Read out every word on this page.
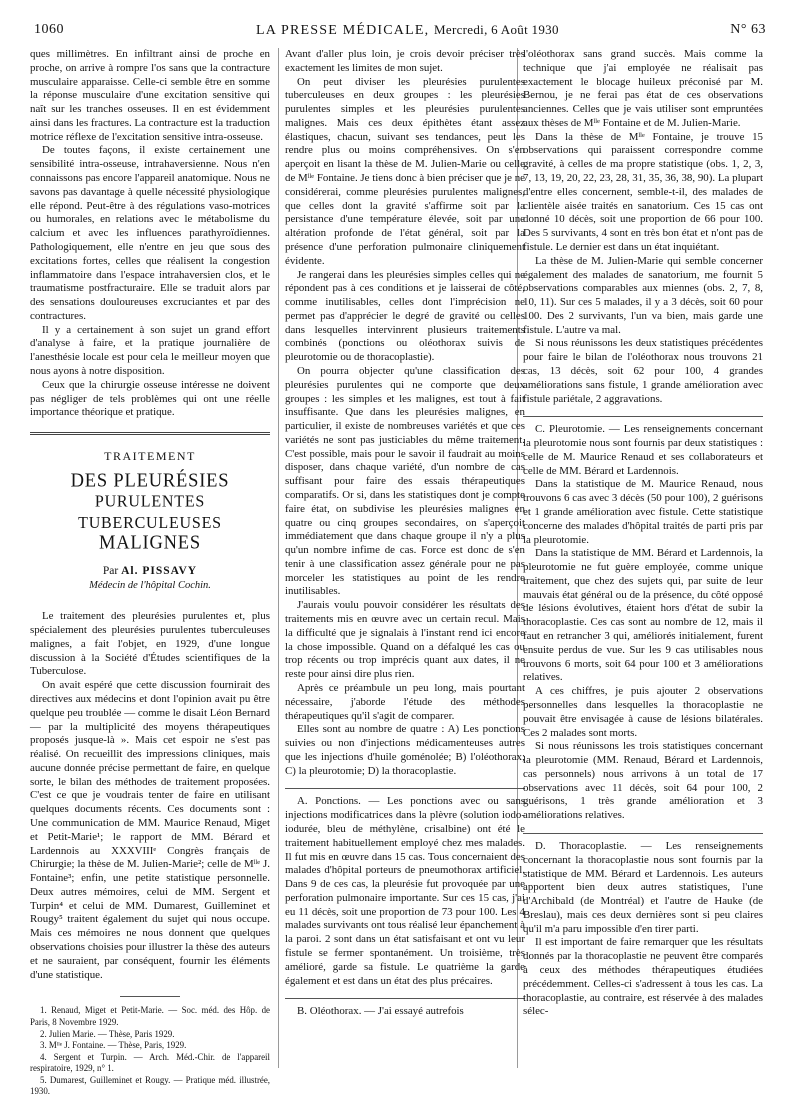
1060	LA PRESSE MÉDICALE, Mercredi, 6 Août 1930	N° 63

ques millimètres. En infiltrant ainsi de proche en proche, on arrive à rompre l'os sans que la contracture musculaire apparaisse. Celle-ci semble être en somme la réponse musculaire d'une excitation sensitive qui naît sur les tranches osseuses. Il en est évidemment ainsi dans les fractures. La contracture est la traduction motrice réflexe de l'excitation sensitive intra-osseuse.

De toutes façons, il existe certainement une sensibilité intra-osseuse, intrahaversienne. Nous n'en connaissons pas encore l'appareil anatomique. Nous ne savons pas davantage à quelle nécessité physiologique elle répond. Peut-être à des régulations vaso-motrices ou humorales, en relations avec le métabolisme du calcium et avec les influences parathyroïdiennes. Pathologiquement, elle n'entre en jeu que sous des excitations fortes, celles que réalisent la congestion inflammatoire dans l'espace intrahaversien clos, et le traumatisme postfracturaire. Elle se traduit alors par des sensations douloureuses excruciantes et par des contractures.

Il y a certainement à son sujet un grand effort d'analyse à faire, et la pratique journalière de l'anesthésie locale est pour cela le meilleur moyen que nous ayons à notre disposition.

Ceux que la chirurgie osseuse intéresse ne doivent pas négliger de tels problèmes qui ont une réelle importance théorique et pratique.

TRAITEMENT
DES PLEURÉSIES
PURULENTES TUBERCULEUSES
MALIGNES
Par Al. PISSAVY
Médecin de l'hôpital Cochin.

Le traitement des pleurésies purulentes et, plus spécialement des pleurésies purulentes tuberculeuses malignes, a fait l'objet, en 1929, d'une longue discussion à la Société d'Études scientifiques de la Tuberculose.

On avait espéré que cette discussion fournirait des directives aux médecins et dont l'opinion avait pu être quelque peu troublée — comme le disait Léon Bernard — par la multiplicité des moyens thérapeutiques proposés jusque-là ». Mais cet espoir ne s'est pas réalisé. On recueillit des impressions cliniques, mais aucune donnée précise permettant de faire, en quelque sorte, le bilan des méthodes de traitement proposées. C'est ce que je voudrais tenter de faire en utilisant quelques documents récents. Ces documents sont : Une communication de MM. Maurice Renaud, Miget et Petit-Marie¹; le rapport de MM. Bérard et Lardennois au XXXVIIIᵉ Congrès français de Chirurgie; la thèse de M. Julien-Marie²; celle de Mˡˡᵉ J. Fontaine³; enfin, une petite statistique personnelle. Deux autres mémoires, celui de MM. Sergent et Turpin⁴ et celui de MM. Dumarest, Guilleminet et Rougy⁵ traitent également du sujet qui nous occupe. Mais ces mémoires ne nous donnent que quelques observations choisies pour illustrer la thèse des auteurs et ne sauraient, par conséquent, fournir les éléments d'une statistique.

1. Renaud, Miget et Petit-Marie. — Soc. méd. des Hôp. de Paris, 8 Novembre 1929.
2. Julien Marie. — Thèse, Paris 1929.
3. Mˡˡᵉ J. Fontaine. — Thèse, Paris, 1929.
4. Sergent et Turpin. — Arch. Méd.-Chir. de l'appareil respiratoire, 1929, n° 1.
5. Dumarest, Guilleminet et Rougy. — Pratique méd. illustrée, 1930.

Avant d'aller plus loin, je crois devoir préciser très exactement les limites de mon sujet.

On peut diviser les pleurésies purulentes tuberculeuses en deux groupes : les pleurésies purulentes simples et les pleurésies purulentes malignes. Mais ces deux épithètes étant assez élastiques, chacun, suivant ses tendances, peut les rendre plus ou moins compréhensives. On s'en aperçoit en lisant la thèse de M. Julien-Marie ou celle de Mˡˡᵉ Fontaine. Je tiens donc à bien préciser que je ne considérerai, comme pleurésies purulentes malignes, que celles dont la gravité s'affirme soit par la persistance d'une température élevée, soit par une altération profonde de l'état général, soit par la présence d'une perforation pulmonaire cliniquement évidente.

Je rangerai dans les pleurésies simples celles qui ne répondent pas à ces conditions et je laisserai de côté, comme inutilisables, celles dont l'imprécision ne permet pas d'apprécier le degré de gravité ou celles dans lesquelles intervinrent plusieurs traitements combinés (ponctions ou oléothorax suivis de pleurotomie ou de thoracoplastie).

On pourra objecter qu'une classification des pleurésies purulentes qui ne comporte que deux groupes : les simples et les malignes, est tout à fait insuffisante. Que dans les pleurésies malignes, en particulier, il existe de nombreuses variétés et que ces variétés ne sont pas justiciables du même traitement. C'est possible, mais pour le savoir il faudrait au moins disposer, dans chaque variété, d'un nombre de cas suffisant pour faire des essais thérapeutiques comparatifs. Or si, dans les statistiques dont je compte faire état, on subdivise les pleurésies malignes en quatre ou cinq groupes secondaires, on s'aperçoit immédiatement que dans chaque groupe il n'y a plus qu'un nombre infime de cas. Force est donc de s'en tenir à une classification assez générale pour ne pas morceler les statistiques au point de les rendre inutilisables.

J'aurais voulu pouvoir considérer les résultats des traitements mis en œuvre avec un certain recul. Mais la difficulté que je signalais à l'instant rend ici encore la chose impossible. Quand on a défalqué les cas ou trop récents ou trop imprécis quant aux dates, il ne reste pour ainsi dire plus rien.

Après ce préambule un peu long, mais pourtant nécessaire, j'aborde l'étude des méthodes thérapeutiques qu'il s'agit de comparer.

Elles sont au nombre de quatre : A) Les ponctions suivies ou non d'injections médicamenteuses autres que les injections d'huile goménolée; B) l'oléothorax; C) la pleurotomie; D) la thoracoplastie.

A. Ponctions. — Les ponctions avec ou sans injections modificatrices dans la plèvre (solution iodo-iodurée, bleu de méthylène, crisalbine) ont été le traitement habituellement employé chez mes malades. Il fut mis en œuvre dans 15 cas. Tous concernaient des malades d'hôpital porteurs de pneumothorax artificiel. Dans 9 de ces cas, la pleurésie fut provoquée par une perforation pulmonaire importante. Sur ces 15 cas, j'ai eu 11 décès, soit une proportion de 73 pour 100. Les 4 malades survivants ont tous réalisé leur épanchement à la paroi. 2 sont dans un état satisfaisant et ont vu leur fistule se fermer spontanément. Un troisième, très amélioré, garde sa fistule. Le quatrième la garde également et est dans un état des plus précaires.

B. Oléothorax. — J'ai essayé autrefois

l'oléothorax sans grand succès. Mais comme la technique que j'ai employée ne réalisait pas exactement le blocage huileux préconisé par M. Bernou, je ne ferai pas état de ces observations anciennes. Celles que je vais utiliser sont empruntées aux thèses de Mˡˡᵉ Fontaine et de M. Julien-Marie.

Dans la thèse de Mˡˡᵉ Fontaine, je trouve 15 observations qui paraissent correspondre comme gravité, à celles de ma propre statistique (obs. 1, 2, 3, 7, 13, 19, 20, 22, 23, 28, 31, 35, 36, 38, 90). La plupart d'entre elles concernent, semble-t-il, des malades de clientèle aisée traités en sanatorium. Ces 15 cas ont donné 10 décès, soit une proportion de 66 pour 100. Des 5 survivants, 4 sont en très bon état et n'ont pas de fistule. Le dernier est dans un état inquiétant.

La thèse de M. Julien-Marie qui semble concerner également des malades de sanatorium, me fournit 5 observations comparables aux miennes (obs. 2, 7, 8, 10, 11). Sur ces 5 malades, il y a 3 décès, soit 60 pour 100. Des 2 survivants, l'un va bien, mais garde une fistule. L'autre va mal.

Si nous réunissons les deux statistiques précédentes pour faire le bilan de l'oléothorax nous trouvons 21 cas, 13 décès, soit 62 pour 100, 4 grandes améliorations sans fistule, 1 grande amélioration avec fistule pariétale, 2 aggravations.

C. Pleurotomie. — Les renseignements concernant la pleurotomie nous sont fournis par deux statistiques : celle de M. Maurice Renaud et ses collaborateurs et celle de MM. Bérard et Lardennois.

Dans la statistique de M. Maurice Renaud, nous trouvons 6 cas avec 3 décès (50 pour 100), 2 guérisons et 1 grande amélioration avec fistule. Cette statistique concerne des malades d'hôpital traités de parti pris par la pleurotomie.

Dans la statistique de MM. Bérard et Lardennois, la pleurotomie ne fut guère employée, comme unique traitement, que chez des sujets qui, par suite de leur mauvais état général ou de la présence, du côté opposé de lésions évolutives, étaient hors d'état de subir la thoracoplastie. Ces cas sont au nombre de 12, mais il faut en retrancher 3 qui, améliorés initialement, furent ensuite perdus de vue. Sur les 9 cas utilisables nous trouvons 6 morts, soit 64 pour 100 et 3 améliorations relatives.

A ces chiffres, je puis ajouter 2 observations personnelles dans lesquelles la thoracoplastie ne pouvait être envisagée à cause de lésions bilatérales. Ces 2 malades sont morts.

Si nous réunissons les trois statistiques concernant la pleurotomie (MM. Renaud, Bérard et Lardennois, cas personnels) nous arrivons à un total de 17 observations avec 11 décès, soit 64 pour 100, 2 guérisons, 1 très grande amélioration et 3 améliorations relatives.

D. Thoracoplastie. — Les renseignements concernant la thoracoplastie nous sont fournis par la statistique de MM. Bérard et Lardennois. Les auteurs apportent bien deux autres statistiques, l'une d'Archibald (de Montréal) et l'autre de Hauke (de Breslau), mais ces deux dernières sont si peu claires qu'il m'a paru impossible d'en tirer parti.

Il est important de faire remarquer que les résultats donnés par la thoracoplastie ne peuvent être comparés à ceux des méthodes thérapeutiques étudiées précédemment. Celles-ci s'adressent à tous les cas. La thoracoplastie, au contraire, est réservée à des malades sélec-
